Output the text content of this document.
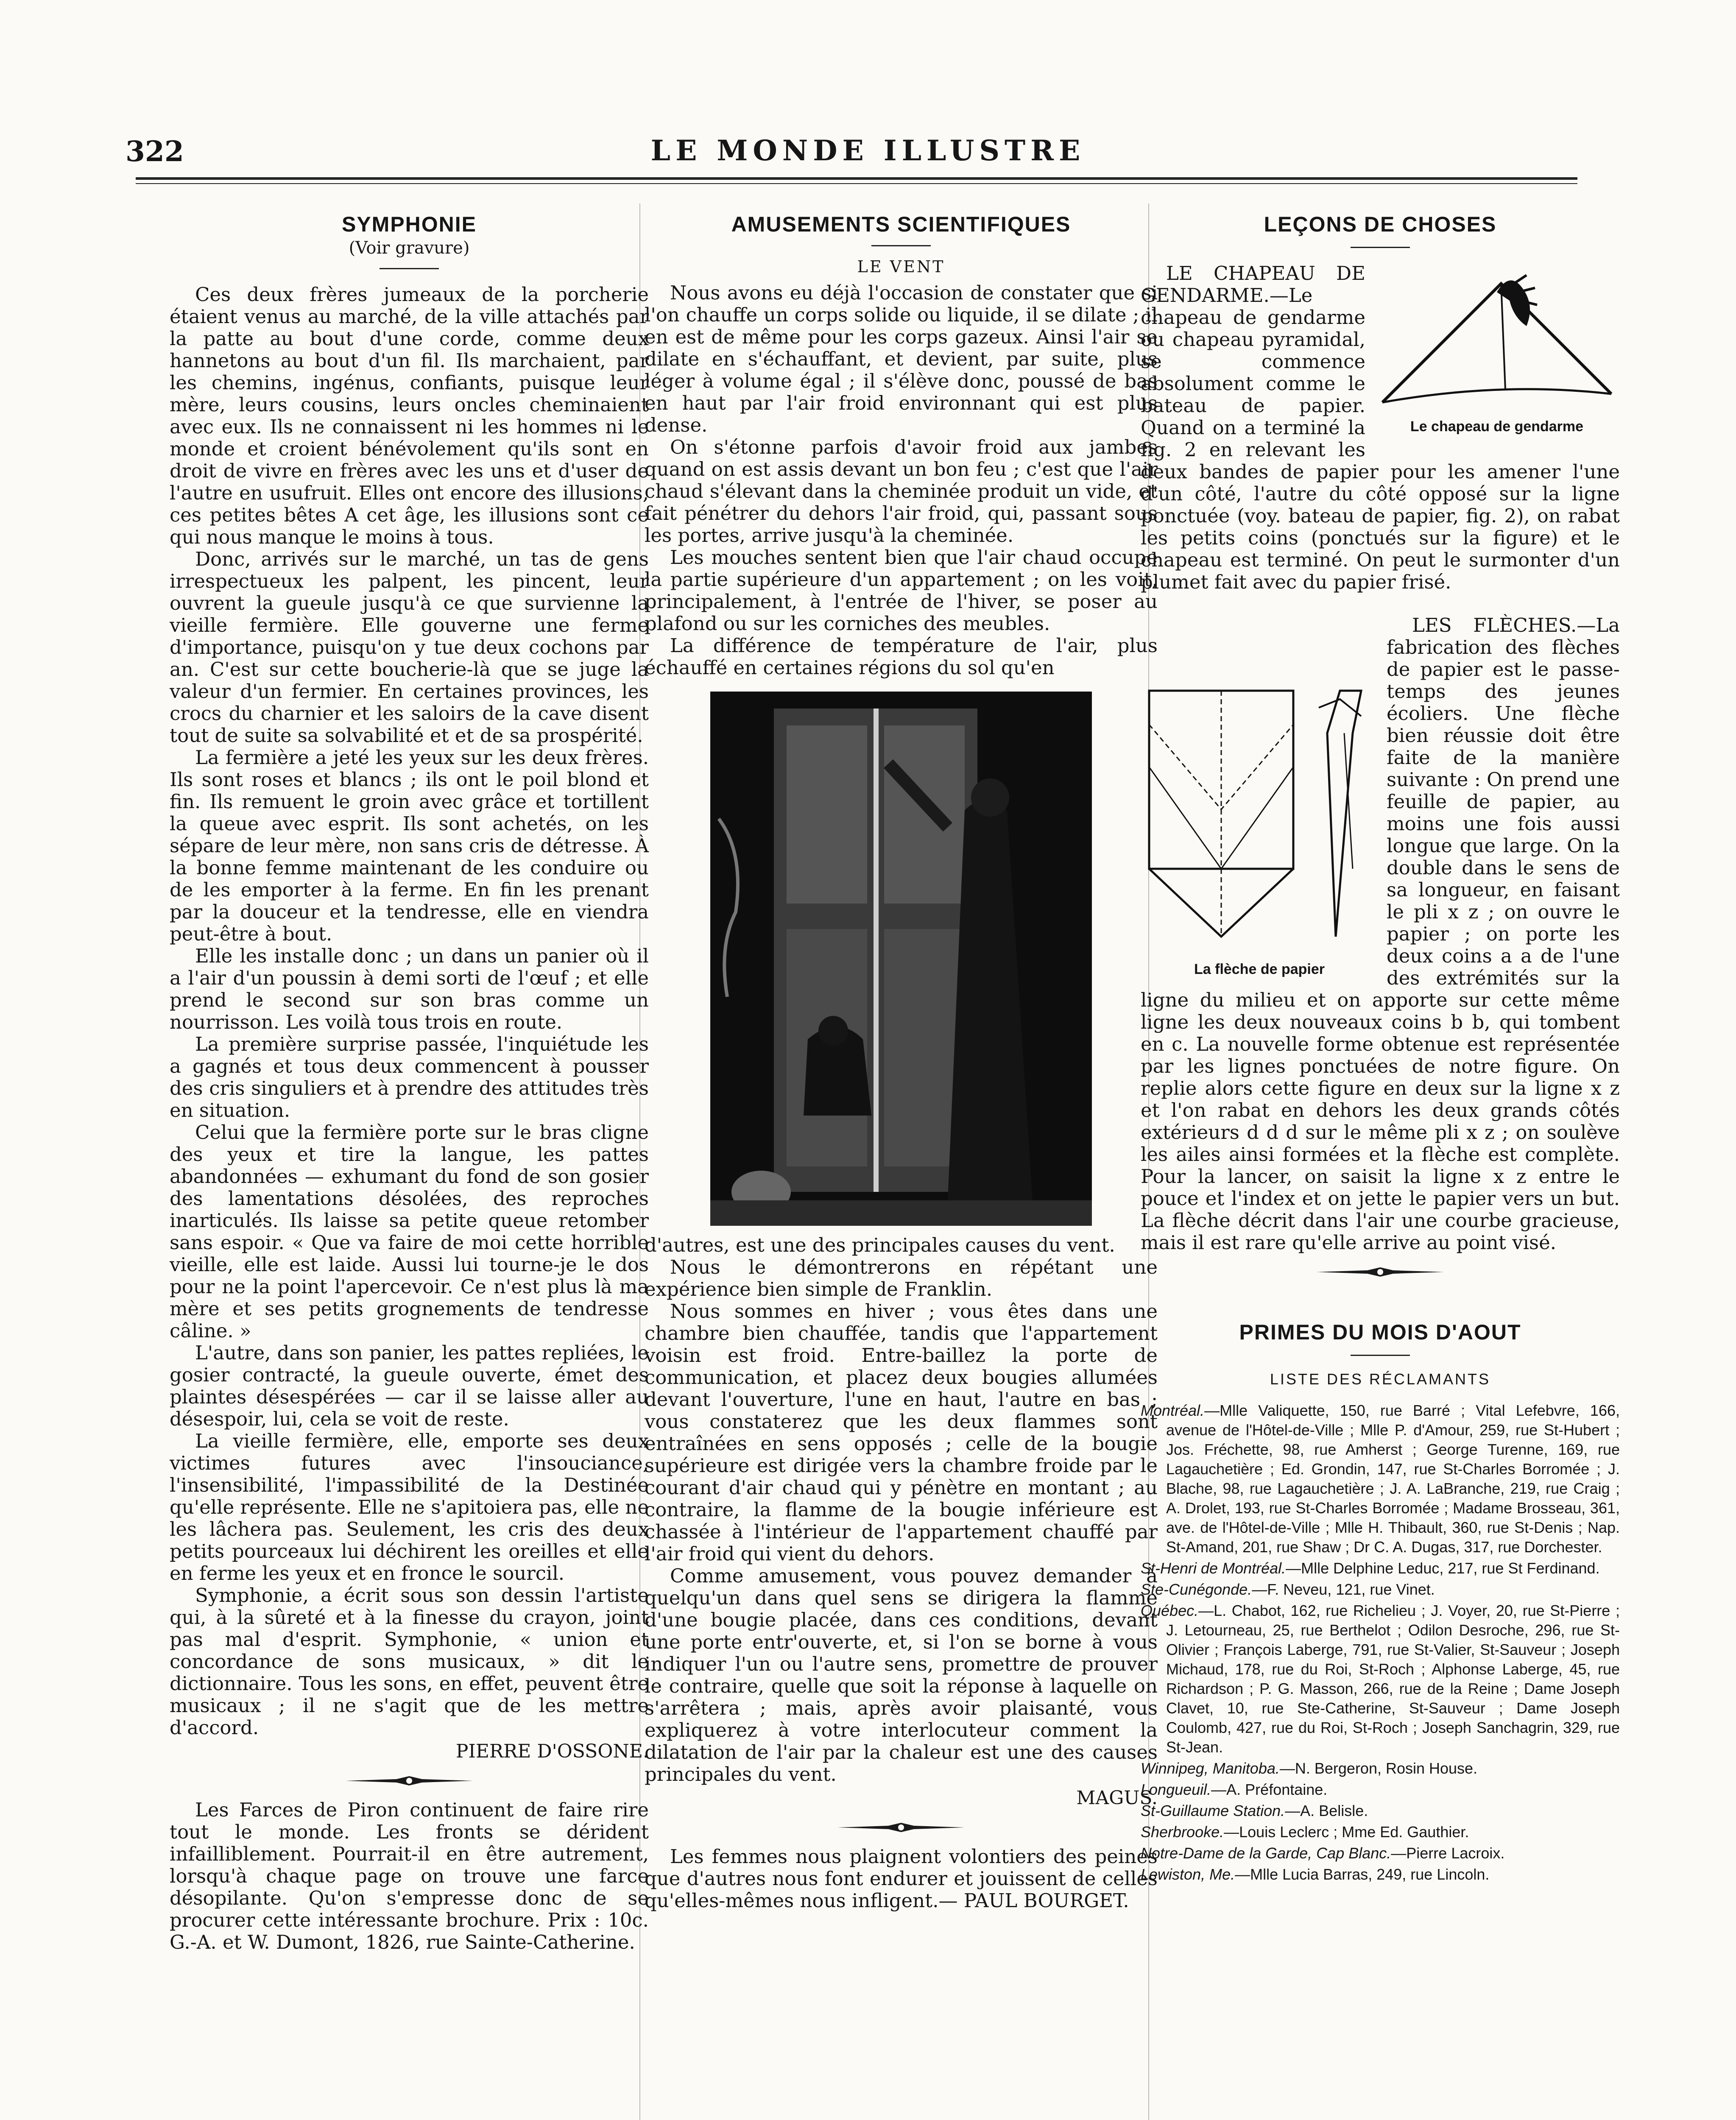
322	LE MONDE ILLUSTRE
SYMPHONIE
(Voir gravure)

Ces deux frères jumeaux de la porcherie étaient venus au marché, de la ville attachés par la patte au bout d'une corde, comme deux hannetons au bout d'un fil. Ils marchaient, par les chemins, ingénus, confiants, puisque leur mère, leurs cousins, leurs oncles cheminaient avec eux. Ils ne connaissent ni les hommes ni le monde et croient bénévolement qu'ils sont en droit de vivre en frères avec les uns et d'user de l'autre en usufruit. Elles ont encore des illusions, ces petites bêtes A cet âge, les illusions sont ce qui nous manque le moins à tous.

Donc, arrivés sur le marché, un tas de gens irrespectueux les palpent, les pincent, leur ouvrent la gueule jusqu'à ce que survienne la vieille fermière. Elle gouverne une ferme d'importance, puisqu'on y tue deux cochons par an. C'est sur cette boucherie-là que se juge la valeur d'un fermier. En certaines provinces, les crocs du charnier et les saloirs de la cave disent tout de suite sa solvabilité et et de sa prospérité.

La fermière a jeté les yeux sur les deux frères. Ils sont roses et blancs ; ils ont le poil blond et fin. Ils remuent le groin avec grâce et tortillent la queue avec esprit. Ils sont achetés, on les sépare de leur mère, non sans cris de détresse. À la bonne femme maintenant de les conduire ou de les emporter à la ferme. En fin les prenant par la douceur et la tendresse, elle en viendra peut-être à bout.

Elle les installe donc ; un dans un panier où il a l'air d'un poussin à demi sorti de l'œuf ; et elle prend le second sur son bras comme un nourrisson. Les voilà tous trois en route.

La première surprise passée, l'inquiétude les a gagnés et tous deux commencent à pousser des cris singuliers et à prendre des attitudes très en situation.

Celui que la fermière porte sur le bras cligne des yeux et tire la langue, les pattes abandonnées — exhumant du fond de son gosier des lamentations désolées, des reproches inarticulés. Ils laisse sa petite queue retomber sans espoir. « Que va faire de moi cette horrible vieille, elle est laide. Aussi lui tourne-je le dos pour ne la point l'apercevoir. Ce n'est plus là ma mère et ses petits grognements de tendresse câline. »

L'autre, dans son panier, les pattes repliées, le gosier contracté, la gueule ouverte, émet des plaintes désespérées — car il se laisse aller au désespoir, lui, cela se voit de reste.

La vieille fermière, elle, emporte ses deux victimes futures avec l'insouciance, l'insensibilité, l'impassibilité de la Destinée qu'elle représente. Elle ne s'apitoiera pas, elle ne les lâchera pas. Seulement, les cris des deux petits pourceaux lui déchirent les oreilles et elle en ferme les yeux et en fronce le sourcil.

Symphonie, a écrit sous son dessin l'artiste qui, à la sûreté et à la finesse du crayon, joint pas mal d'esprit. Symphonie, « union et concordance de sons musicaux, » dit le dictionnaire. Tous les sons, en effet, peuvent être musicaux ; il ne s'agit que de les mettre d'accord.

PIERRE D'OSSONE.

Les Farces de Piron continuent de faire rire tout le monde. Les fronts se dérident infailliblement. Pourrait-il en être autrement, lorsqu'à chaque page on trouve une farce désopilante. Qu'on s'empresse donc de se procurer cette intéressante brochure. Prix : 10c. G.-A. et W. Dumont, 1826, rue Sainte-Catherine.

AMUSEMENTS SCIENTIFIQUES
LE VENT

Nous avons eu déjà l'occasion de constater que si l'on chauffe un corps solide ou liquide, il se dilate ; il en est de même pour les corps gazeux. Ainsi l'air se dilate en s'échauffant, et devient, par suite, plus léger à volume égal ; il s'élève donc, poussé de bas en haut par l'air froid environnant qui est plus dense.

On s'étonne parfois d'avoir froid aux jambes quand on est assis devant un bon feu ; c'est que l'air chaud s'élevant dans la cheminée produit un vide, et fait pénétrer du dehors l'air froid, qui, passant sous les portes, arrive jusqu'à la cheminée.

Les mouches sentent bien que l'air chaud occupe la partie supérieure d'un appartement ; on les voit, principalement, à l'entrée de l'hiver, se poser au plafond ou sur les corniches des meubles.

La différence de température de l'air, plus échauffé en certaines régions du sol qu'en

d'autres, est une des principales causes du vent.

Nous le démontrerons en répétant une expérience bien simple de Franklin.

Nous sommes en hiver ; vous êtes dans une chambre bien chauffée, tandis que l'appartement voisin est froid. Entre-baillez la porte de communication, et placez deux bougies allumées devant l'ouverture, l'une en haut, l'autre en bas ; vous constaterez que les deux flammes sont entraînées en sens opposés ; celle de la bougie supérieure est dirigée vers la chambre froide par le courant d'air chaud qui y pénètre en montant ; au contraire, la flamme de la bougie inférieure est chassée à l'intérieur de l'appartement chauffé par l'air froid qui vient du dehors.

Comme amusement, vous pouvez demander à quelqu'un dans quel sens se dirigera la flamme d'une bougie placée, dans ces conditions, devant une porte entr'ouverte, et, si l'on se borne à vous indiquer l'un ou l'autre sens, promettre de prouver le contraire, quelle que soit la réponse à laquelle on s'arrêtera ; mais, après avoir plaisanté, vous expliquerez à votre interlocuteur comment la dilatation de l'air par la chaleur est une des causes principales du vent.

MAGUS.

Les femmes nous plaignent volontiers des peines que d'autres nous font endurer et jouissent de celles qu'elles-mêmes nous infligent.— PAUL BOURGET.

LEÇONS DE CHOSES
Le chapeau de gendarme

LE CHAPEAU DE GENDARME.—Le chapeau de gendarme ou chapeau pyramidal, se commence absolument comme le bateau de papier. Quand on a terminé la fig. 2 en relevant les deux bandes de papier pour les amener l'une d'un côté, l'autre du côté opposé sur la ligne ponctuée (voy. bateau de papier, fig. 2), on rabat les petits coins (ponctués sur la figure) et le chapeau est terminé. On peut le surmonter d'un plumet fait avec du papier frisé.

La flèche de papier

LES FLÈCHES.—La fabrication des flèches de papier est le passe-temps des jeunes écoliers. Une flèche bien réussie doit être faite de la manière suivante : On prend une feuille de papier, au moins une fois aussi longue que large. On la double dans le sens de sa longueur, en faisant le pli x z ; on ouvre le papier ; on porte les deux coins a a de l'une des extrémités sur la ligne du milieu et on apporte sur cette même ligne les deux nouveaux coins b b, qui tombent en c. La nouvelle forme obtenue est représentée par les lignes ponctuées de notre figure. On replie alors cette figure en deux sur la ligne x z et l'on rabat en dehors les deux grands côtés extérieurs d d d sur le même pli x z ; on soulève les ailes ainsi formées et la flèche est complète. Pour la lancer, on saisit la ligne x z entre le pouce et l'index et on jette le papier vers un but. La flèche décrit dans l'air une courbe gracieuse, mais il est rare qu'elle arrive au point visé.

PRIMES DU MOIS D'AOUT
LISTE DES RÉCLAMANTS

Montréal.—Mlle Valiquette, 150, rue Barré ; Vital Lefebvre, 166, avenue de l'Hôtel-de-Ville ; Mlle P. d'Amour, 259, rue St-Hubert ; Jos. Fréchette, 98, rue Amherst ; George Turenne, 169, rue Lagauchetière ; Ed. Grondin, 147, rue St-Charles Borromée ; J. Blache, 98, rue Lagauchetière ; J. A. LaBranche, 219, rue Craig ; A. Drolet, 193, rue St-Charles Borromée ; Madame Brosseau, 361, ave. de l'Hôtel-de-Ville ; Mlle H. Thibault, 360, rue St-Denis ; Nap. St-Amand, 201, rue Shaw ; Dr C. A. Dugas, 317, rue Dorchester.

St-Henri de Montréal.—Mlle Delphine Leduc, 217, rue St Ferdinand.

Ste-Cunégonde.—F. Neveu, 121, rue Vinet.

Québec.—L. Chabot, 162, rue Richelieu ; J. Voyer, 20, rue St-Pierre ; J. Letourneau, 25, rue Berthelot ; Odilon Desroche, 296, rue St-Olivier ; François Laberge, 791, rue St-Valier, St-Sauveur ; Joseph Michaud, 178, rue du Roi, St-Roch ; Alphonse Laberge, 45, rue Richardson ; P. G. Masson, 266, rue de la Reine ; Dame Joseph Clavet, 10, rue Ste-Catherine, St-Sauveur ; Dame Joseph Coulomb, 427, rue du Roi, St-Roch ; Joseph Sanchagrin, 329, rue St-Jean.

Winnipeg, Manitoba.—N. Bergeron, Rosin House.

Longueuil.—A. Préfontaine.

St-Guillaume Station.—A. Belisle.

Sherbrooke.—Louis Leclerc ; Mme Ed. Gauthier.

Notre-Dame de la Garde, Cap Blanc.—Pierre Lacroix.

Lewiston, Me.—Mlle Lucia Barras, 249, rue Lincoln.
